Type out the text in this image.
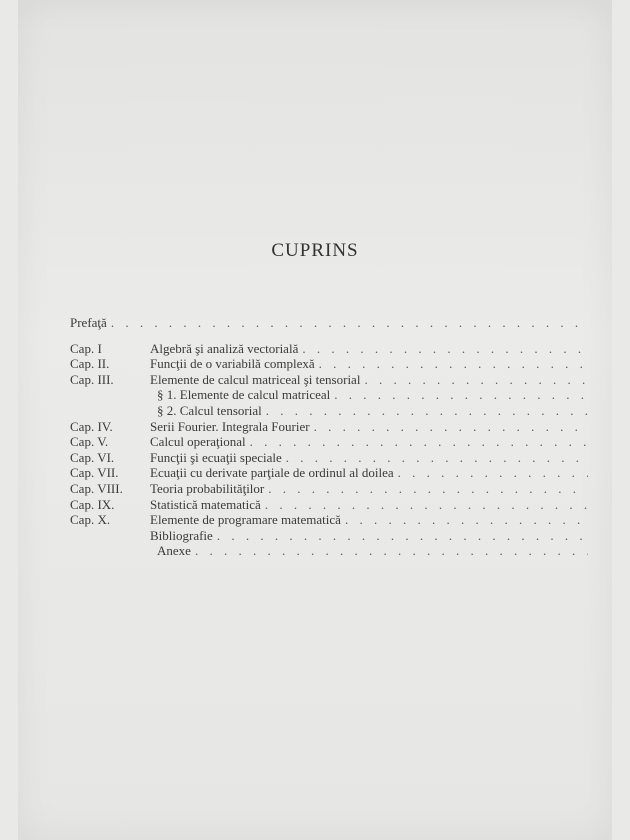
CUPRINS
Prefaţă
. . .
Cap. I	Algebră şi analiză vectorială
. . .
Cap. II.	Funcţii de o variabilă complexă
. . .
Cap. III.	Elemente de calcul matriceal şi tensorial
. . .
§ 1. Elemente de calcul matriceal
. . .
§ 2. Calcul tensorial
. . .
Cap. IV.	Serii Fourier. Integrala Fourier
. . .
Cap. V.	Calcul operaţional
. . .
Cap. VI.	Funcţii şi ecuaţii speciale
. . .
Cap. VII.	Ecuaţii cu derivate parţiale de ordinul al doilea
. . .
Cap. VIII.	Teoria probabilităţilor
. . .
Cap. IX.	Statistică matematică
. . .
Cap. X.	Elemente de programare matematică
. . .
Bibliografie
. . .
Anexe
. . .
